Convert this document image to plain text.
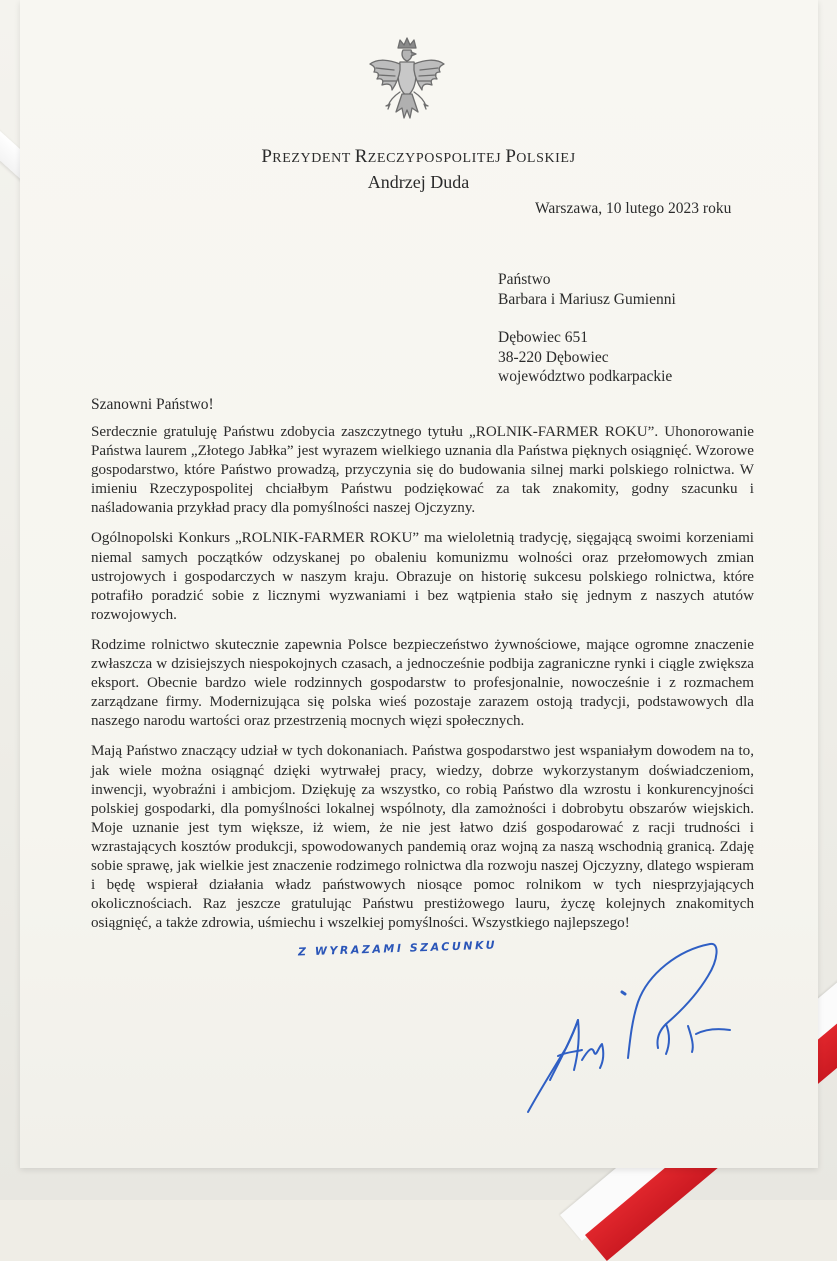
PREZYDENT RZECZYPOSPOLITEJ POLSKIEJ
Andrzej Duda
Warszawa, 10 lutego 2023 roku
Państwo
Barbara i Mariusz Gumienni
Dębowiec 651
38-220 Dębowiec
województwo podkarpackie
Szanowni Państwo!

Serdecznie gratuluję Państwu zdobycia zaszczytnego tytułu „ROLNIK-FARMER ROKU”. Uhonorowanie Państwa laurem „Złotego Jabłka” jest wyrazem wielkiego uznania dla Państwa pięknych osiągnięć. Wzorowe gospodarstwo, które Państwo prowadzą, przyczynia się do budowania silnej marki polskiego rolnictwa. W imieniu Rzeczypospolitej chciałbym Państwu podziękować za tak znakomity, godny szacunku i naśladowania przykład pracy dla pomyślności naszej Ojczyzny.

Ogólnopolski Konkurs „ROLNIK-FARMER ROKU” ma wieloletnią tradycję, sięgającą swoimi korzeniami niemal samych początków odzyskanej po obaleniu komunizmu wolności oraz przełomowych zmian ustrojowych i gospodarczych w naszym kraju. Obrazuje on historię sukcesu polskiego rolnictwa, które potrafiło poradzić sobie z licznymi wyzwaniami i bez wątpienia stało się jednym z naszych atutów rozwojowych.

Rodzime rolnictwo skutecznie zapewnia Polsce bezpieczeństwo żywnościowe, mające ogromne znaczenie zwłaszcza w dzisiejszych niespokojnych czasach, a jednocześnie podbija zagraniczne rynki i ciągle zwiększa eksport. Obecnie bardzo wiele rodzinnych gospodarstw to profesjonalnie, nowocześnie i z rozmachem zarządzane firmy. Modernizująca się polska wieś pozostaje zarazem ostoją tradycji, podstawowych dla naszego narodu wartości oraz przestrzenią mocnych więzi społecznych.

Mają Państwo znaczący udział w tych dokonaniach. Państwa gospodarstwo jest wspaniałym dowodem na to, jak wiele można osiągnąć dzięki wytrwałej pracy, wiedzy, dobrze wykorzystanym doświadczeniom, inwencji, wyobraźni i ambicjom. Dziękuję za wszystko, co robią Państwo dla wzrostu i konkurencyjności polskiej gospodarki, dla pomyślności lokalnej wspólnoty, dla zamożności i dobrobytu obszarów wiejskich. Moje uznanie jest tym większe, iż wiem, że nie jest łatwo dziś gospodarować z racji trudności i wzrastających kosztów produkcji, spowodowanych pandemią oraz wojną za naszą wschodnią granicą. Zdaję sobie sprawę, jak wielkie jest znaczenie rodzimego rolnictwa dla rozwoju naszej Ojczyzny, dlatego wspieram i będę wspierał działania władz państwowych niosące pomoc rolnikom w tych niesprzyjających okolicznościach. Raz jeszcze gratulując Państwu prestiżowego lauru, życzę kolejnych znakomitych osiągnięć, a także zdrowia, uśmiechu i wszelkiej pomyślności. Wszystkiego najlepszego!

Z WYRAZAMI SZACUNKU
